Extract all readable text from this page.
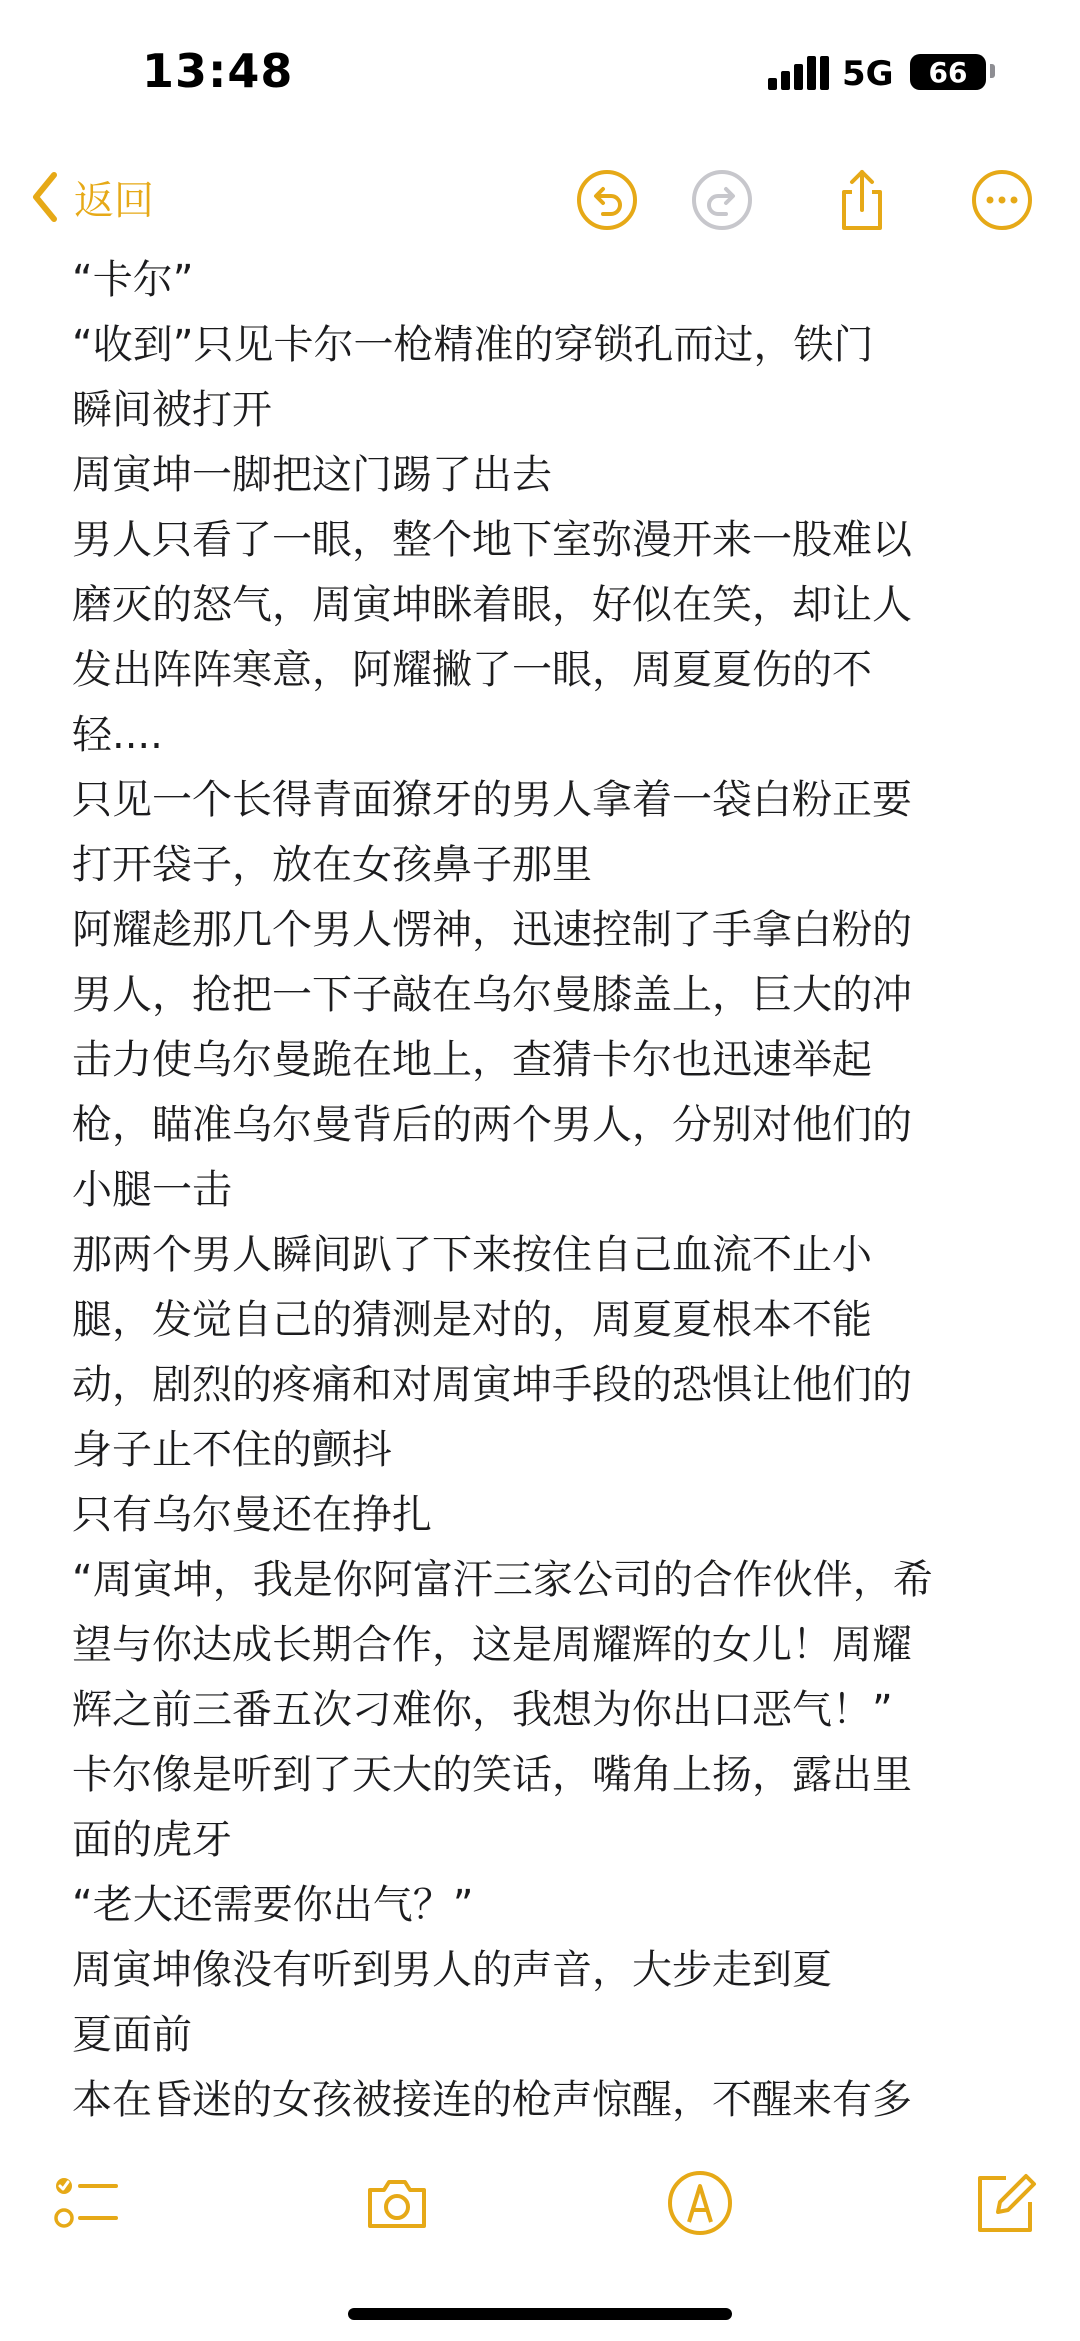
13:48	5G 66
返回

“卡尔”

“收到”只见卡尔一枪精准的穿锁孔而过，铁门

瞬间被打开

周寅坤一脚把这门踢了出去

男人只看了一眼，整个地下室弥漫开来一股难以

磨灭的怒气，周寅坤眯着眼，好似在笑，却让人

发出阵阵寒意，阿耀撇了一眼，周夏夏伤的不

轻....

只见一个长得青面獠牙的男人拿着一袋白粉正要

打开袋子，放在女孩鼻子那里

阿耀趁那几个男人愣神，迅速控制了手拿白粉的

男人，抢把一下子敲在乌尔曼膝盖上，巨大的冲

击力使乌尔曼跪在地上，查猜卡尔也迅速举起

枪，瞄准乌尔曼背后的两个男人，分别对他们的

小腿一击

那两个男人瞬间趴了下来按住自己血流不止小

腿，发觉自己的猜测是对的，周夏夏根本不能

动，剧烈的疼痛和对周寅坤手段的恐惧让他们的

身子止不住的颤抖

只有乌尔曼还在挣扎

“周寅坤，我是你阿富汗三家公司的合作伙伴，希

望与你达成长期合作，这是周耀辉的女儿！周耀

辉之前三番五次刁难你，我想为你出口恶气！”

卡尔像是听到了天大的笑话，嘴角上扬，露出里

面的虎牙

“老大还需要你出气？”

周寅坤像没有听到男人的声音，大步走到夏

夏面前

本在昏迷的女孩被接连的枪声惊醒，不醒来有多
